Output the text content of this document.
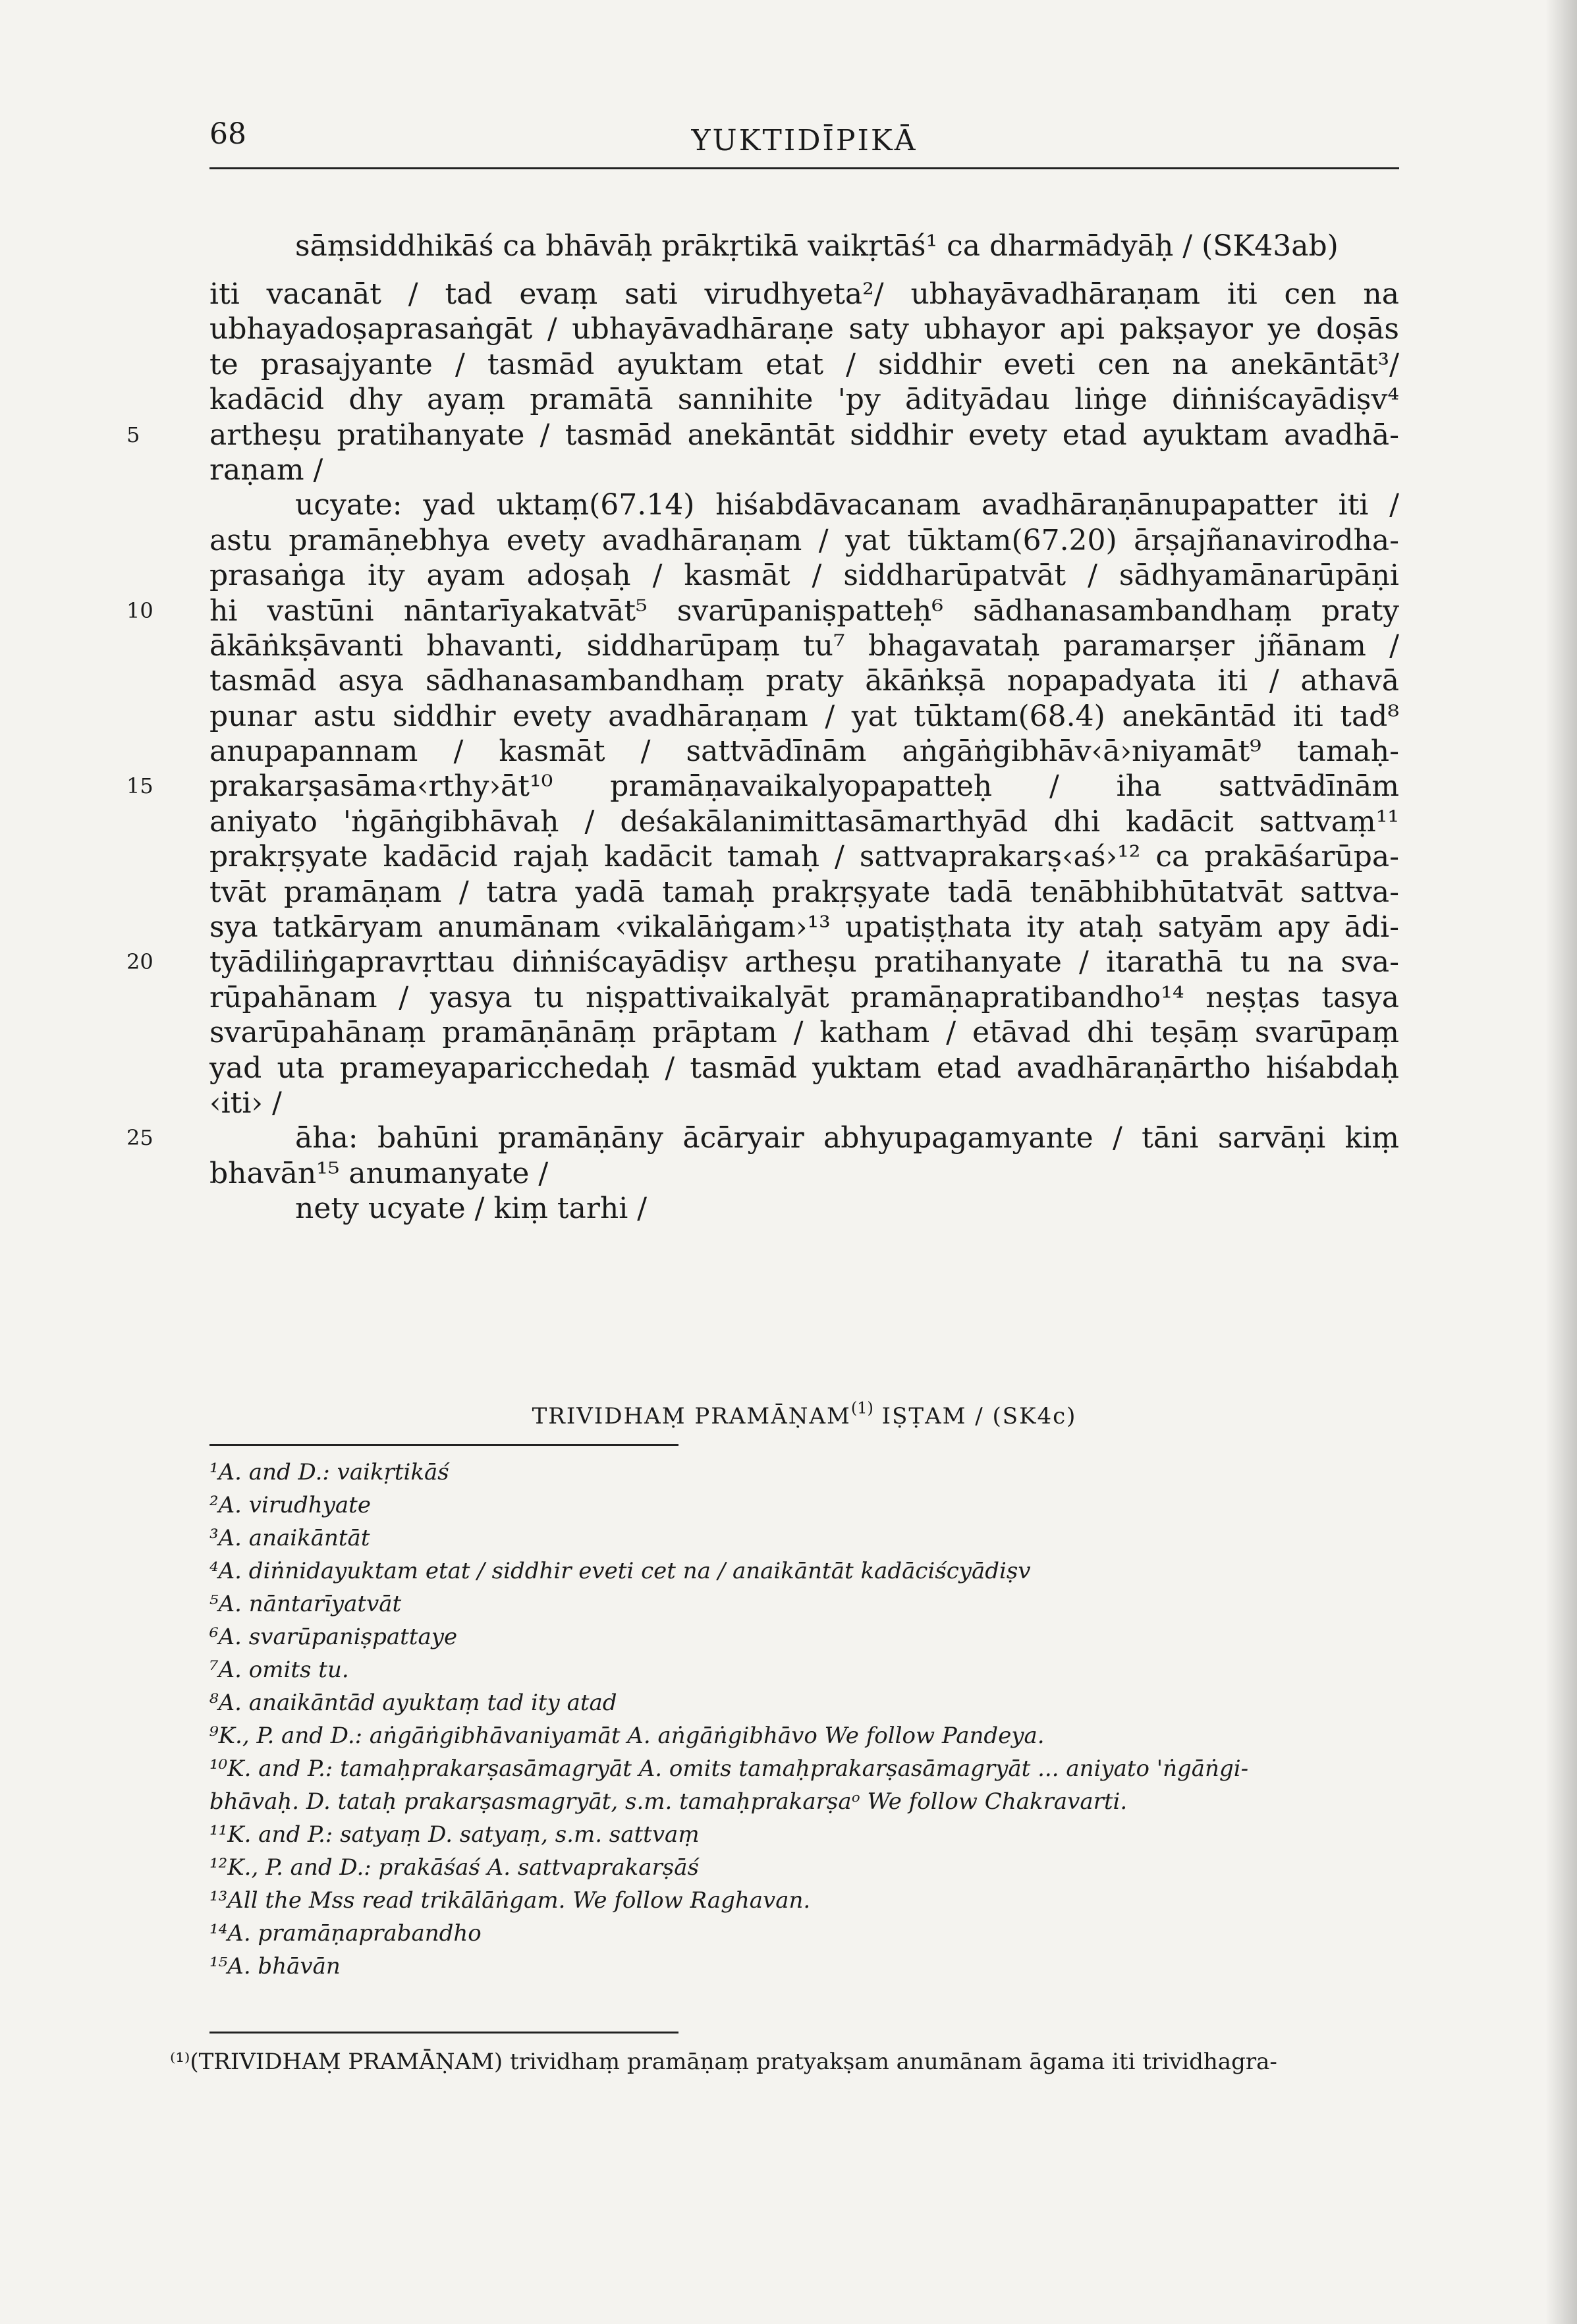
68	YUKTIDĪPIKĀ
sāṃsiddhikāś ca bhāvāḥ prākṛtikā vaikṛtāś¹ ca dharmādyāḥ / (SK43ab)
iti vacanāt / tad evaṃ sati virudhyeta²/ ubhayāvadhāraṇam iti cen na
ubhayadoṣaprasaṅgāt / ubhayāvadhāraṇe saty ubhayor api pakṣayor ye doṣās
te prasajyante / tasmād ayuktam etat / siddhir eveti cen na anekāntāt³/
kadācid dhy ayaṃ pramātā sannihite 'py ādityādau liṅge diṅniścayādiṣv⁴
artheṣu pratihanyate / tasmād anekāntāt siddhir evety etad ayuktam avadhā-
5
raṇam /
ucyate: yad uktaṃ(67.14) hiśabdāvacanam avadhāraṇānupapatter iti /
astu pramāṇebhya evety avadhāraṇam / yat tūktam(67.20) ārṣajñanavirodha-
prasaṅga ity ayam adoṣaḥ / kasmāt / siddharūpatvāt / sādhyamānarūpāṇi
hi vastūni nāntarīyakatvāt⁵ svarūpaniṣpatteḥ⁶ sādhanasambandhaṃ praty
10
ākāṅkṣāvanti bhavanti, siddharūpaṃ tu⁷ bhagavataḥ paramarṣer jñānam /
tasmād asya sādhanasambandhaṃ praty ākāṅkṣā nopapadyata iti / athavā
punar astu siddhir evety avadhāraṇam / yat tūktam(68.4) anekāntād iti tad⁸
anupapannam / kasmāt / sattvādīnām aṅgāṅgibhāv‹ā›niyamāt⁹ tamaḥ-
prakarṣasāma‹rthy›āt¹⁰ pramāṇavaikalyopapatteḥ / iha sattvādīnām
15
aniyato 'ṅgāṅgibhāvaḥ / deśakālanimittasāmarthyād dhi kadācit sattvaṃ¹¹
prakṛṣyate kadācid rajaḥ kadācit tamaḥ / sattvaprakarṣ‹aś›¹² ca prakāśarūpa-
tvāt pramāṇam / tatra yadā tamaḥ prakṛṣyate tadā tenābhibhūtatvāt sattva-
sya tatkāryam anumānam ‹vikalāṅgam›¹³ upatiṣṭhata ity ataḥ satyām apy ādi-
tyādiliṅgapravṛttau diṅniścayādiṣv artheṣu pratihanyate / itarathā tu na sva-
20
rūpahānam / yasya tu niṣpattivaikalyāt pramāṇapratibandho¹⁴ neṣṭas tasya
svarūpahānaṃ pramāṇānāṃ prāptam / katham / etāvad dhi teṣāṃ svarūpaṃ
yad uta prameyaparicchedaḥ / tasmād yuktam etad avadhāraṇārtho hiśabdaḥ
‹iti› /
āha: bahūni pramāṇāny ācāryair abhyupagamyante / tāni sarvāṇi kiṃ
25
bhavān¹⁵ anumanyate /
nety ucyate / kiṃ tarhi /
TRIVIDHAṂ PRAMĀṆAM$^{(1)}$ IṢṬAM / (SK4c)
¹A. and D.: vaikṛtikāś
²A. virudhyate
³A. anaikāntāt
⁴A. diṅnidayuktam etat / siddhir eveti cet na / anaikāntāt kadāciścyādiṣv
⁵A. nāntarīyatvāt
⁶A. svarūpaniṣpattaye
⁷A. omits tu.
⁸A. anaikāntād ayuktaṃ tad ity atad
⁹K., P. and D.: aṅgāṅgibhāvaniyamāt A. aṅgāṅgibhāvo We follow Pandeya.
¹⁰K. and P.: tamaḥprakarṣasāmagryāt A. omits tamaḥprakarṣasāmagryāt ... aniyato 'ṅgāṅgi-
bhāvaḥ. D. tataḥ prakarṣasmagryāt, s.m. tamaḥprakarṣaᵒ We follow Chakravarti.
¹¹K. and P.: satyaṃ D. satyaṃ, s.m. sattvaṃ
¹²K., P. and D.: prakāśaś A. sattvaprakarṣāś
¹³All the Mss read trikālāṅgam. We follow Raghavan.
¹⁴A. pramāṇaprabandho
¹⁵A. bhāvān
⁽¹⁾(TRIVIDHAṂ PRAMĀṆAM) trividhaṃ pramāṇaṃ pratyakṣam anumānam āgama iti trividhagra-
